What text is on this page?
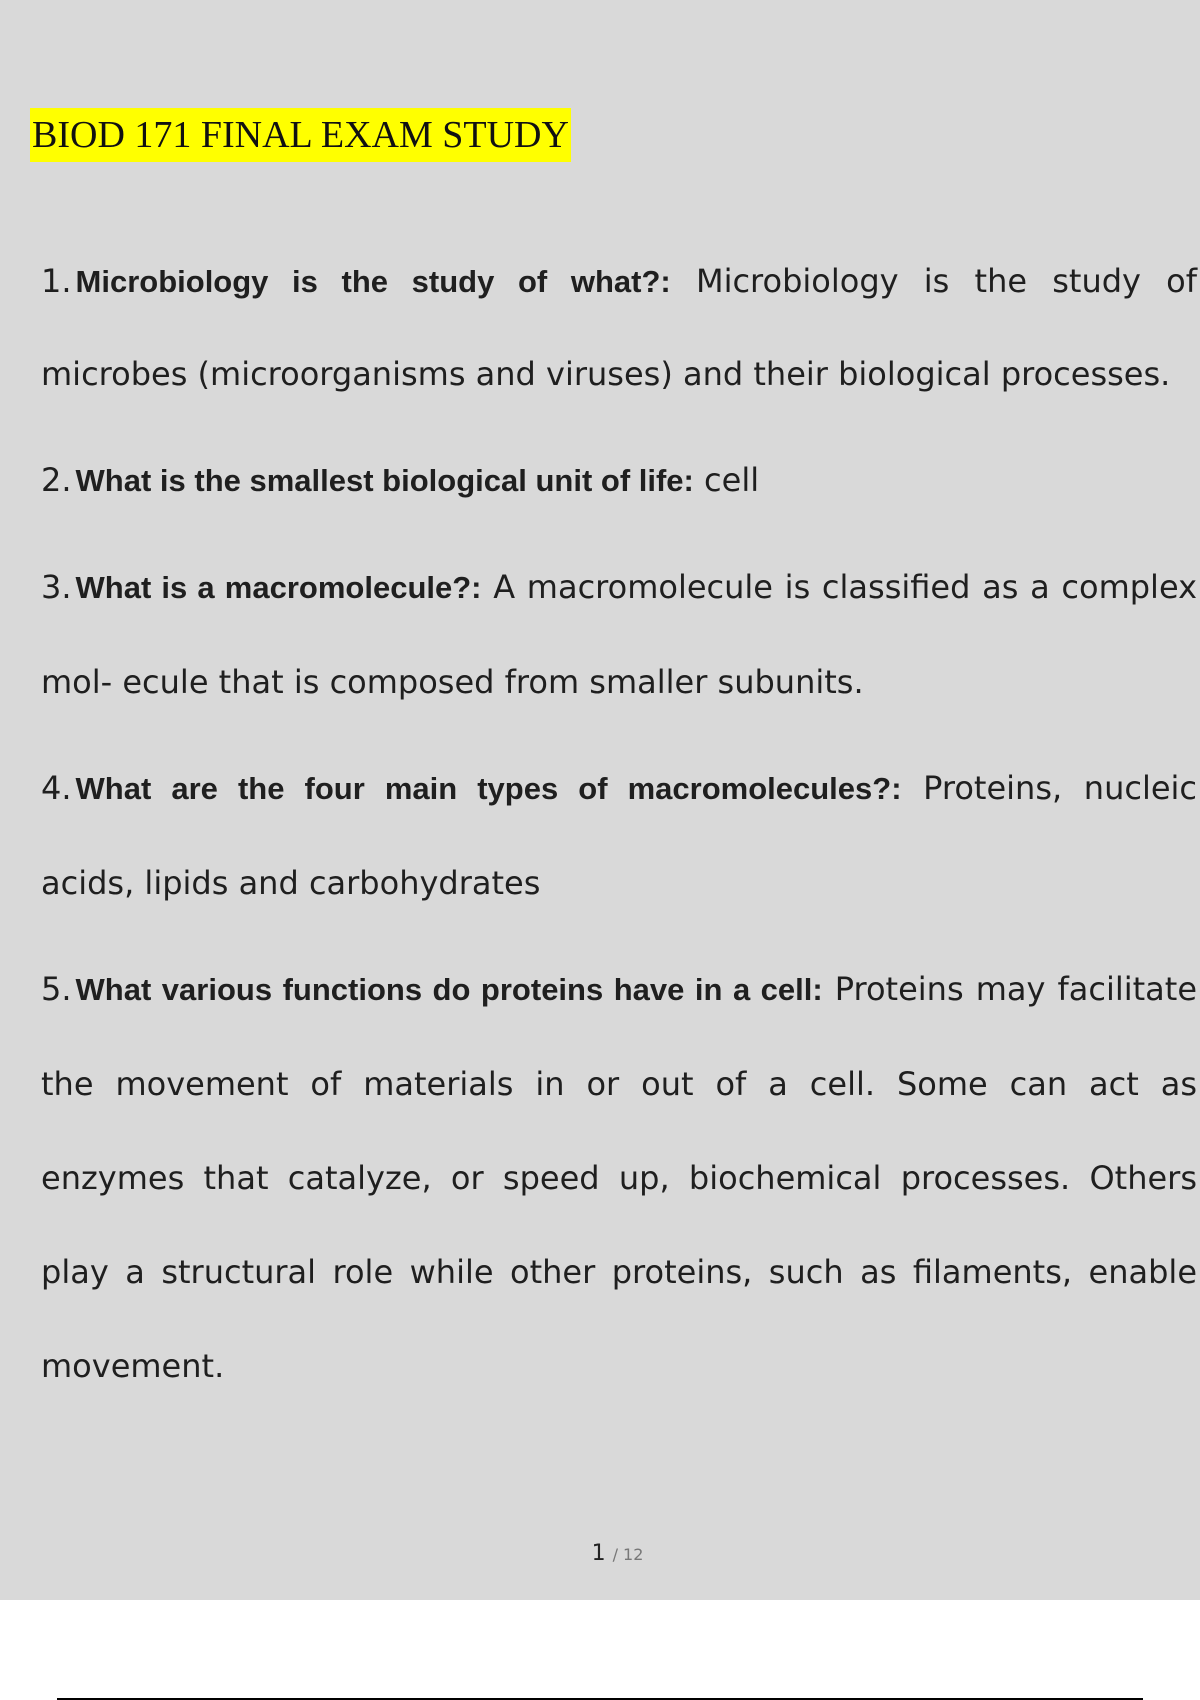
BIOD 171 FINAL EXAM STUDY
1. Microbiology is the study of what?: Microbiology is the study of microbes (microorganisms and viruses) and their biological processes.
2. What is the smallest biological unit of life: cell
3. What is a macromolecule?: A macromolecule is classified as a complex mol- ecule that is composed from smaller subunits.
4. What are the four main types of macromolecules?: Proteins, nucleic acids, lipids and carbohydrates
5. What various functions do proteins have in a cell: Proteins may facilitate the movement of materials in or out of a cell. Some can act as enzymes that catalyze, or speed up, biochemical processes. Others play a structural role while other proteins, such as filaments, enable movement.
1 / 12
